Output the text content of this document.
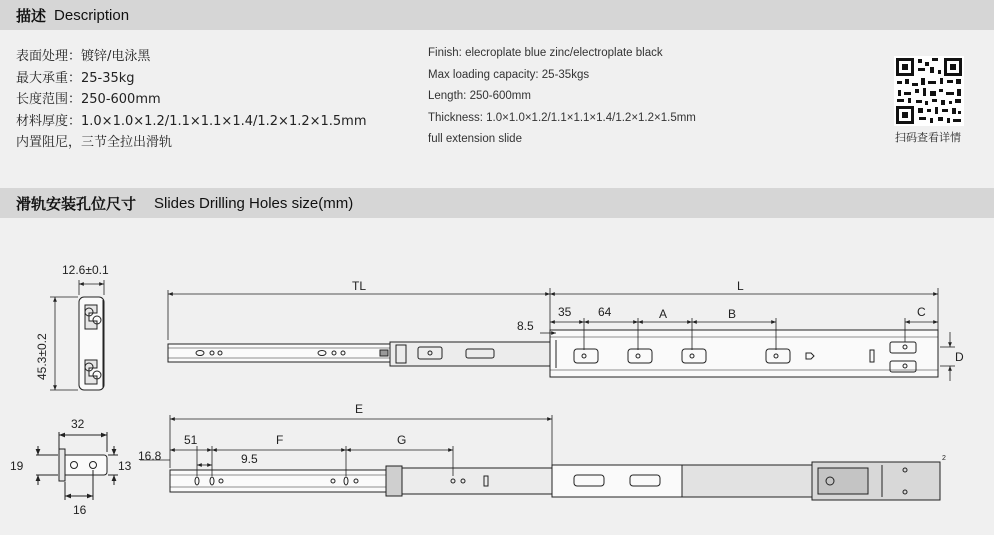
描述 Description
表面处理：镀锌/电泳黑
最大承重：25-35kg
长度范围：250-600mm
材料厚度：1.0×1.0×1.2/1.1×1.1×1.4/1.2×1.2×1.5mm
内置阻尼，三节全拉出滑轨
Finish: elecroplate blue zinc/electroplate black
Max loading capacity: 25-35kgs
Length: 250-600mm
Thickness: 1.0×1.0×1.2/1.1×1.1×1.4/1.2×1.2×1.5mm
full extension slide	扫码查看详情
滑轨安装孔位尺寸 Slides Drilling Holes size(mm)
12.6±0.1
45.3±0.2
TL	L
35 64	A	B	C
D
8.5
32
19	13
16
E
51	F	G
16.8	9.5	2
